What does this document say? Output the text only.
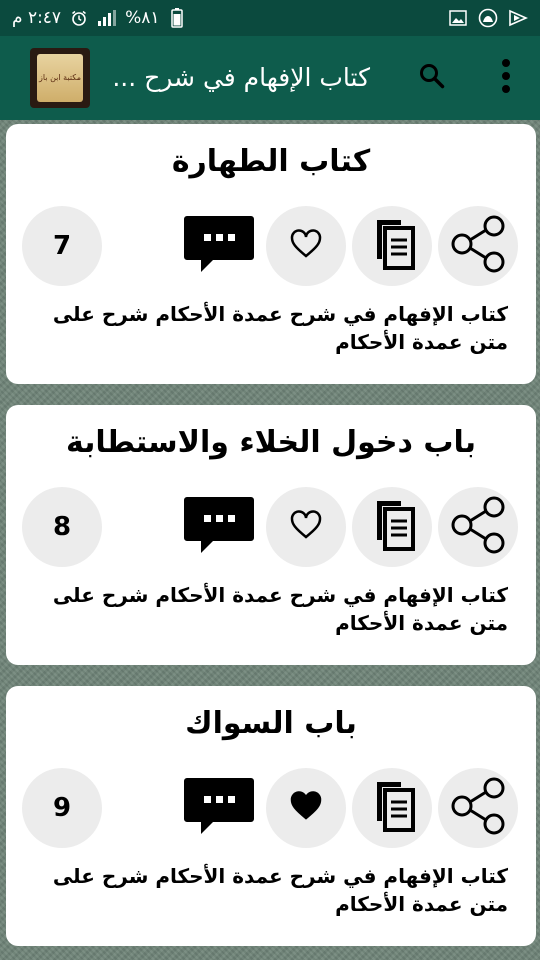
٢:٤٧ م	%٨١
مكتبة ابن باز كتاب الإفهام في شرح ...
كتاب الطهارة
7
كتاب الإفهام في شرح عمدة الأحكام شرح على متن عمدة الأحكام
باب دخول الخلاء والاستطابة
8
كتاب الإفهام في شرح عمدة الأحكام شرح على متن عمدة الأحكام
باب السواك
9
كتاب الإفهام في شرح عمدة الأحكام شرح على متن عمدة الأحكام
